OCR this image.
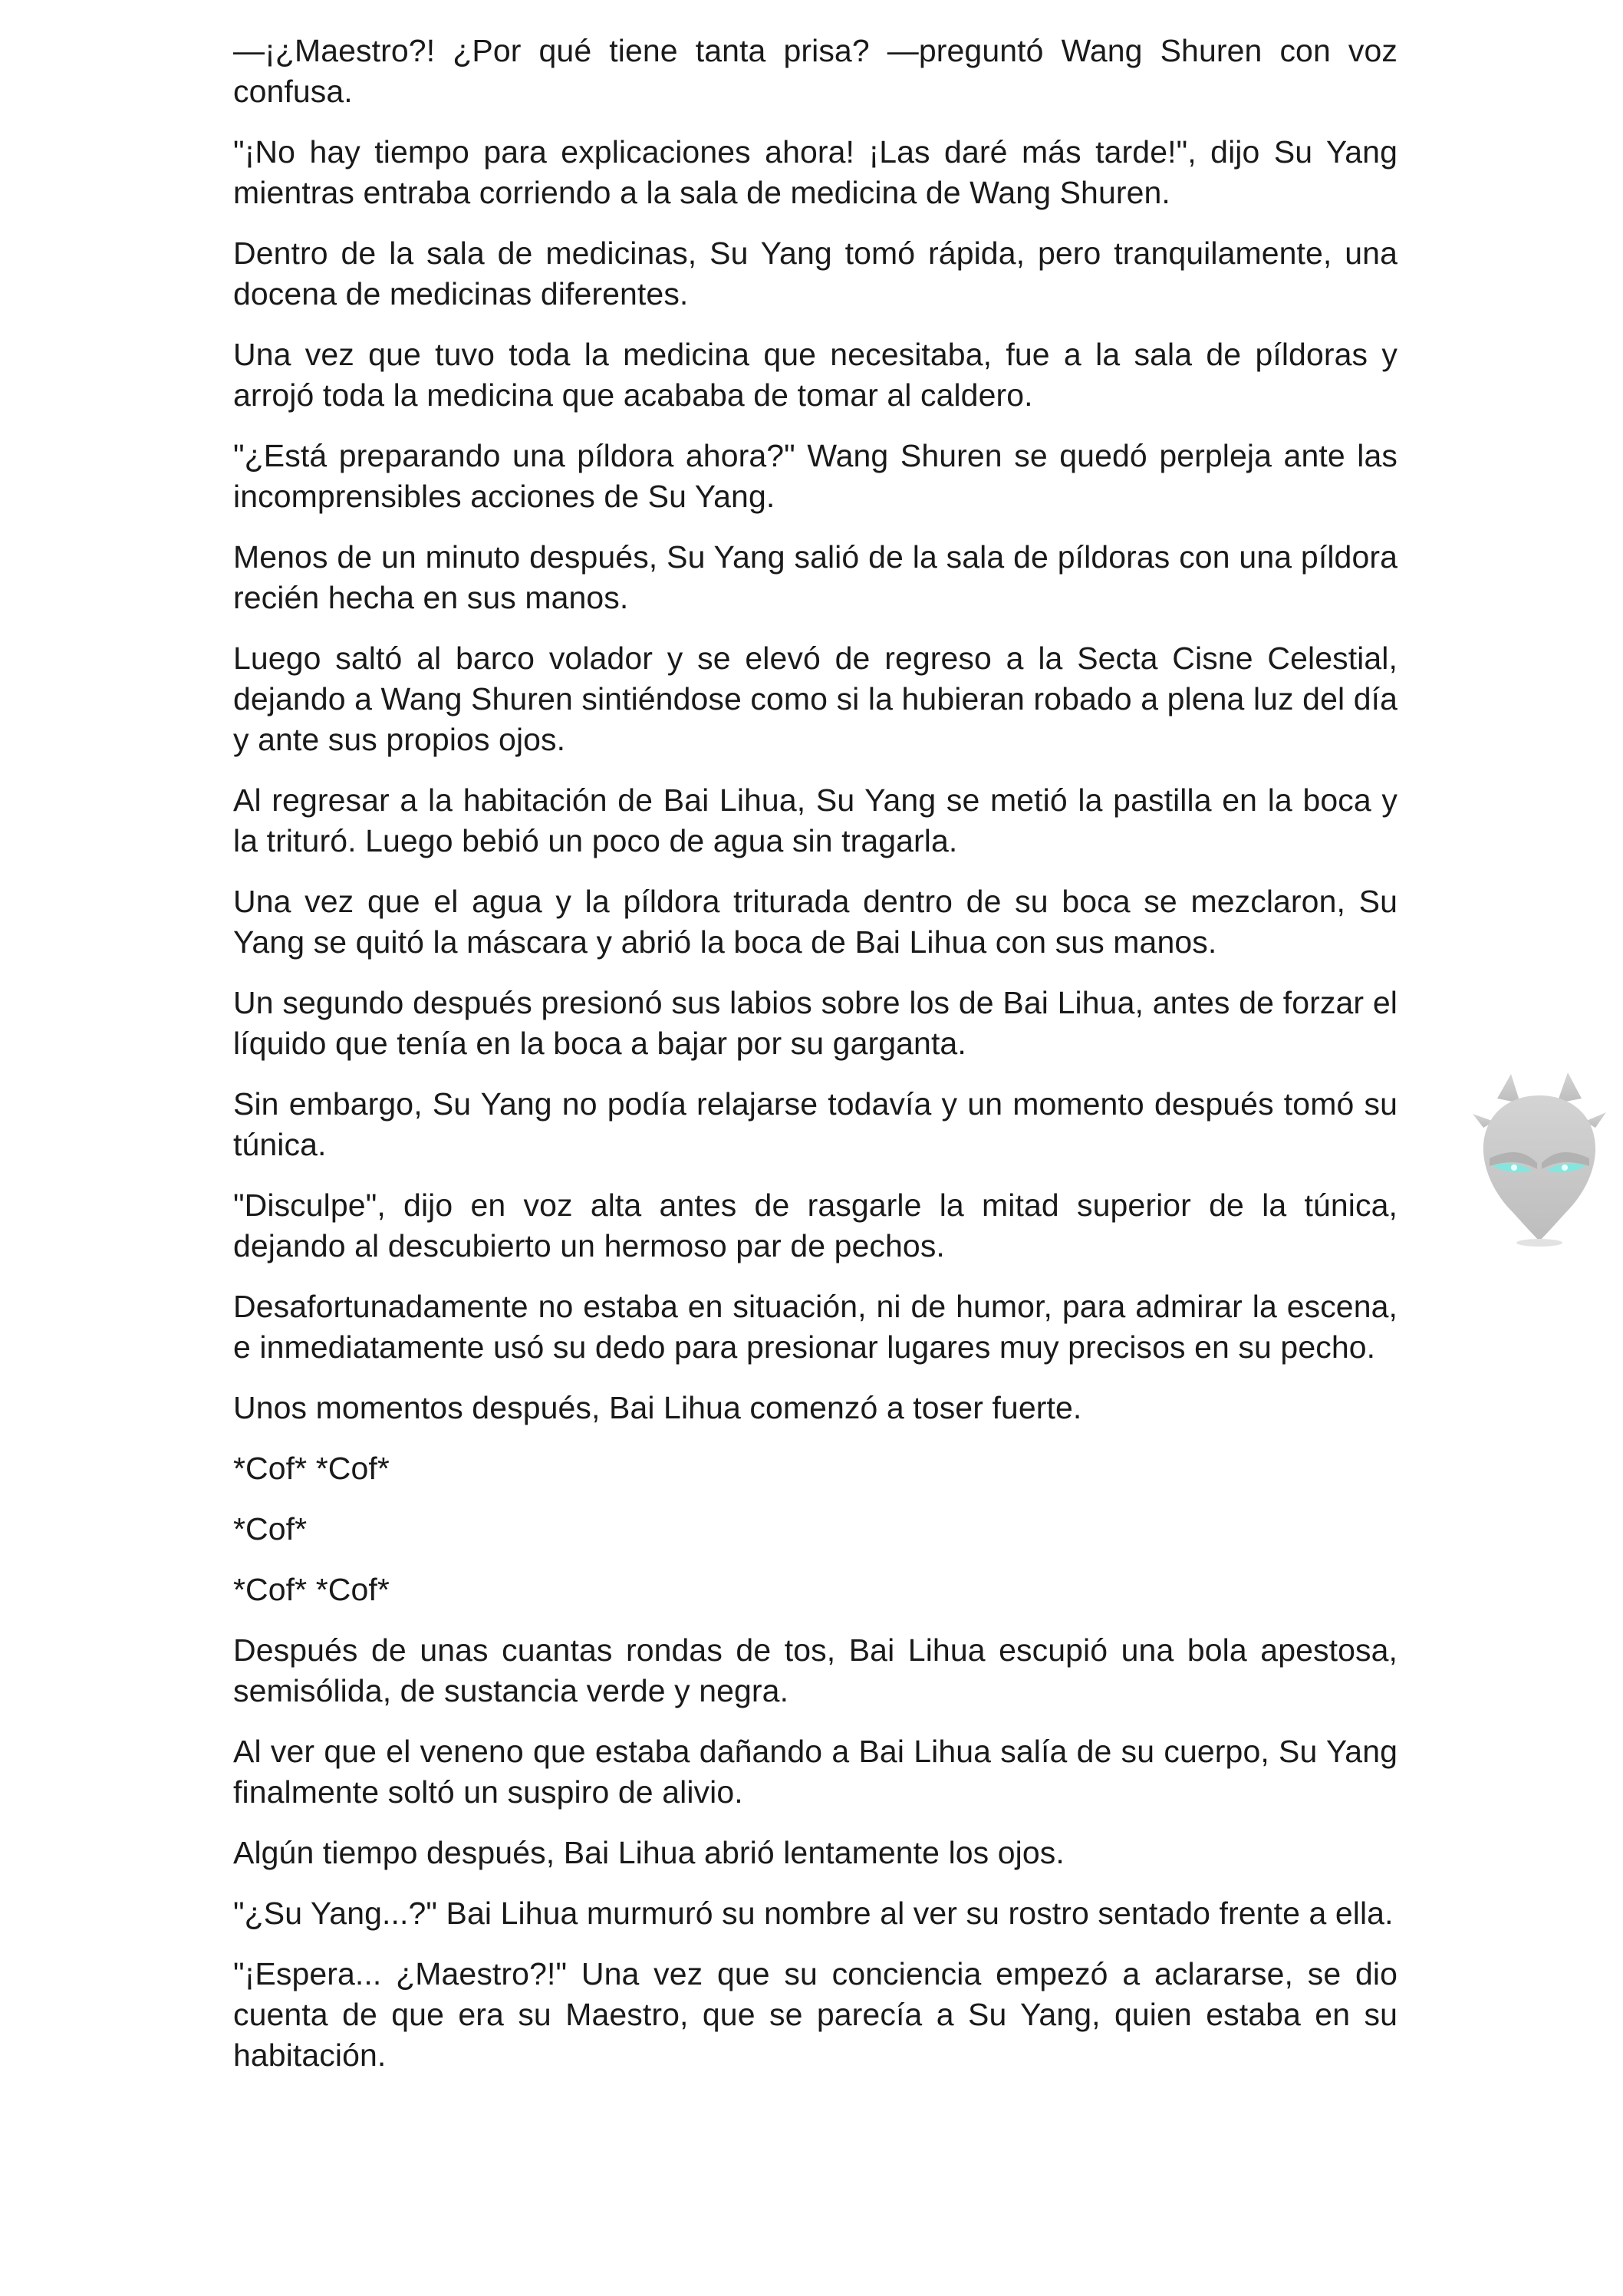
—¡¿Maestro?! ¿Por qué tiene tanta prisa? —preguntó Wang Shuren con voz confusa.

"¡No hay tiempo para explicaciones ahora! ¡Las daré más tarde!", dijo Su Yang mientras entraba corriendo a la sala de medicina de Wang Shuren.

Dentro de la sala de medicinas, Su Yang tomó rápida, pero tranquilamente, una docena de medicinas diferentes.

Una vez que tuvo toda la medicina que necesitaba, fue a la sala de píldoras y arrojó toda la medicina que acababa de tomar al caldero.

"¿Está preparando una píldora ahora?" Wang Shuren se quedó perpleja ante las incomprensibles acciones de Su Yang.

Menos de un minuto después, Su Yang salió de la sala de píldoras con una píldora recién hecha en sus manos.

Luego saltó al barco volador y se elevó de regreso a la Secta Cisne Celestial, dejando a Wang Shuren sintiéndose como si la hubieran robado a plena luz del día y ante sus propios ojos.

Al regresar a la habitación de Bai Lihua, Su Yang se metió la pastilla en la boca y la trituró. Luego bebió un poco de agua sin tragarla.

Una vez que el agua y la píldora triturada dentro de su boca se mezclaron, Su Yang se quitó la máscara y abrió la boca de Bai Lihua con sus manos.

Un segundo después presionó sus labios sobre los de Bai Lihua, antes de forzar el líquido que tenía en la boca a bajar por su garganta.

Sin embargo, Su Yang no podía relajarse todavía y un momento después tomó su túnica.

"Disculpe", dijo en voz alta antes de rasgarle la mitad superior de la túnica, dejando al descubierto un hermoso par de pechos.

Desafortunadamente no estaba en situación, ni de humor, para admirar la escena, e inmediatamente usó su dedo para presionar lugares muy precisos en su pecho.

Unos momentos después, Bai Lihua comenzó a toser fuerte.

*Cof* *Cof*

*Cof*

*Cof* *Cof*

Después de unas cuantas rondas de tos, Bai Lihua escupió una bola apestosa, semisólida, de sustancia verde y negra.

Al ver que el veneno que estaba dañando a Bai Lihua salía de su cuerpo, Su Yang finalmente soltó un suspiro de alivio.

Algún tiempo después, Bai Lihua abrió lentamente los ojos.

"¿Su Yang...?" Bai Lihua murmuró su nombre al ver su rostro sentado frente a ella.

"¡Espera... ¿Maestro?!" Una vez que su conciencia empezó a aclararse, se dio cuenta de que era su Maestro, que se parecía a Su Yang, quien estaba en su habitación.
